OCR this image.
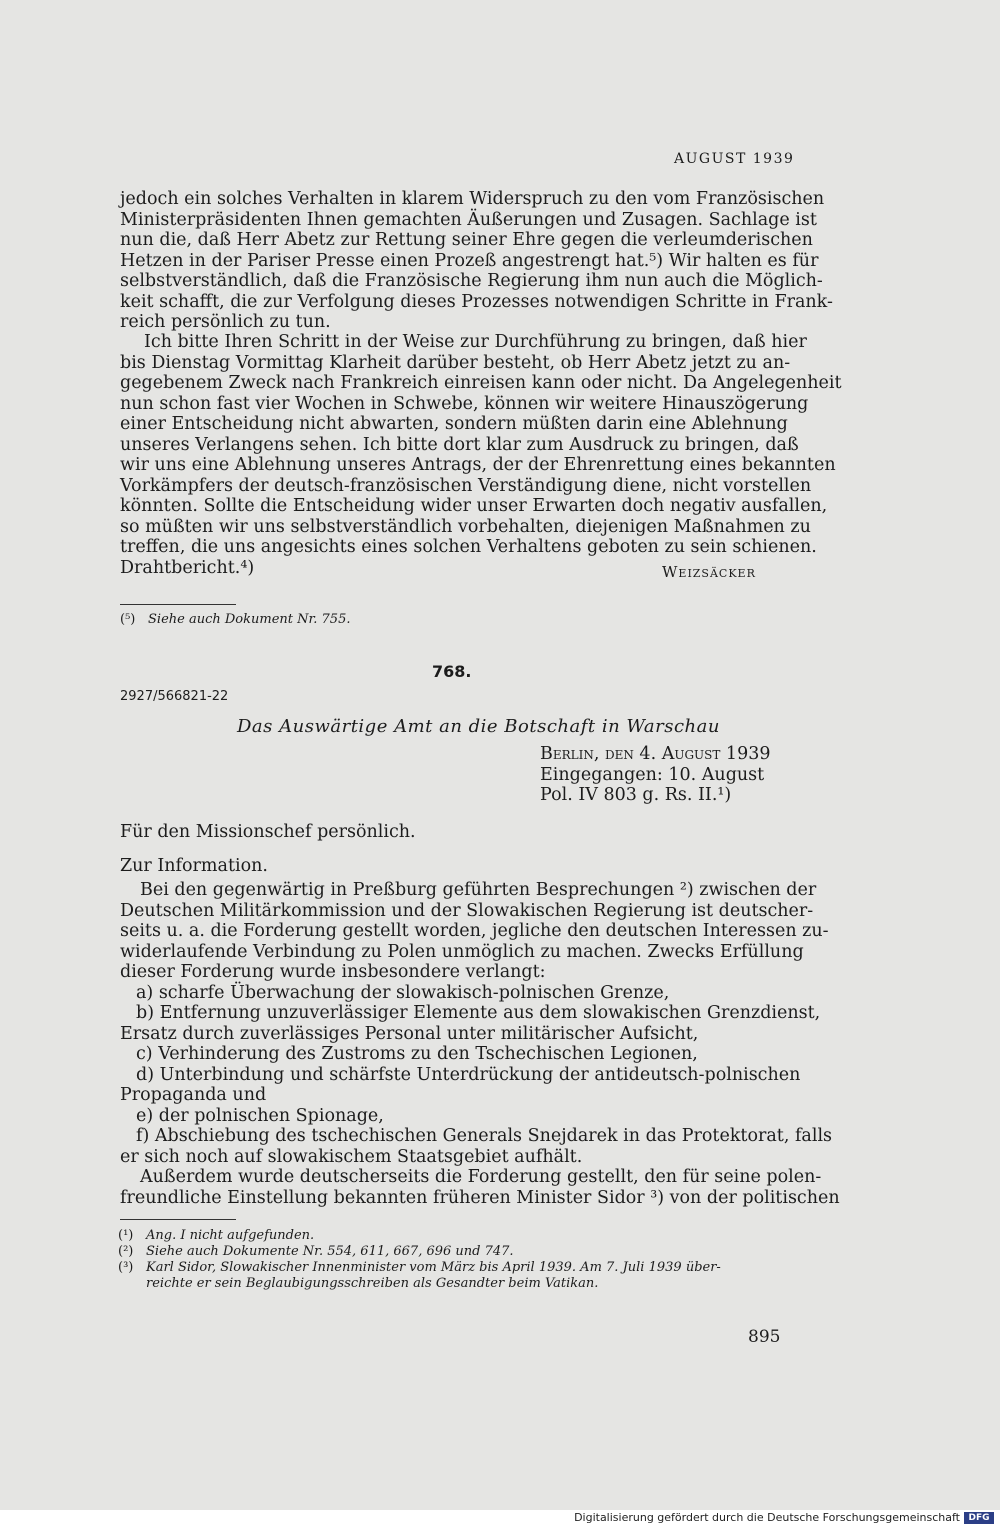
AUGUST 1939
jedoch ein solches Verhalten in klarem Widerspruch zu den vom Französischen
Ministerpräsidenten Ihnen gemachten Äußerungen und Zusagen. Sachlage ist
nun die, daß Herr Abetz zur Rettung seiner Ehre gegen die verleumderischen
Hetzen in der Pariser Presse einen Prozeß angestrengt hat.⁵) Wir halten es für
selbstverständlich, daß die Französische Regierung ihm nun auch die Möglich-
keit schafft, die zur Verfolgung dieses Prozesses notwendigen Schritte in Frank-
reich persönlich zu tun.
Ich bitte Ihren Schritt in der Weise zur Durchführung zu bringen, daß hier
bis Dienstag Vormittag Klarheit darüber besteht, ob Herr Abetz jetzt zu an-
gegebenem Zweck nach Frankreich einreisen kann oder nicht. Da Angelegenheit
nun schon fast vier Wochen in Schwebe, können wir weitere Hinauszögerung
einer Entscheidung nicht abwarten, sondern müßten darin eine Ablehnung
unseres Verlangens sehen. Ich bitte dort klar zum Ausdruck zu bringen, daß
wir uns eine Ablehnung unseres Antrags, der der Ehrenrettung eines bekannten
Vorkämpfers der deutsch-französischen Verständigung diene, nicht vorstellen
könnten. Sollte die Entscheidung wider unser Erwarten doch negativ ausfallen,
so müßten wir uns selbstverständlich vorbehalten, diejenigen Maßnahmen zu
treffen, die uns angesichts eines solchen Verhaltens geboten zu sein schienen.
Drahtbericht.⁴)	Weizsäcker
(⁵) Siehe auch Dokument Nr. 755.
768.
2927/566821-22
Das Auswärtige Amt an die Botschaft in Warschau
Berlin, den 4. August 1939
Eingegangen: 10. August
Pol. IV 803 g. Rs. II.¹)
Für den Missionschef persönlich.
Zur Information.
Bei den gegenwärtig in Preßburg geführten Besprechungen ²) zwischen der
Deutschen Militärkommission und der Slowakischen Regierung ist deutscher-
seits u. a. die Forderung gestellt worden, jegliche den deutschen Interessen zu-
widerlaufende Verbindung zu Polen unmöglich zu machen. Zwecks Erfüllung
dieser Forderung wurde insbesondere verlangt:
a) scharfe Überwachung der slowakisch-polnischen Grenze,
b) Entfernung unzuverlässiger Elemente aus dem slowakischen Grenzdienst,
Ersatz durch zuverlässiges Personal unter militärischer Aufsicht,
c) Verhinderung des Zustroms zu den Tschechischen Legionen,
d) Unterbindung und schärfste Unterdrückung der antideutsch-polnischen
Propaganda und
e) der polnischen Spionage,
f) Abschiebung des tschechischen Generals Snejdarek in das Protektorat, falls
er sich noch auf slowakischem Staatsgebiet aufhält.
Außerdem wurde deutscherseits die Forderung gestellt, den für seine polen-
freundliche Einstellung bekannten früheren Minister Sidor ³) von der politischen
(¹) Ang. I nicht aufgefunden.
(²) Siehe auch Dokumente Nr. 554, 611, 667, 696 und 747.
(³) Karl Sidor, Slowakischer Innenminister vom März bis April 1939. Am 7. Juli 1939 über-
reichte er sein Beglaubigungsschreiben als Gesandter beim Vatikan.
895
Digitalisierung gefördert durch die Deutsche Forschungsgemeinschaft DFG
